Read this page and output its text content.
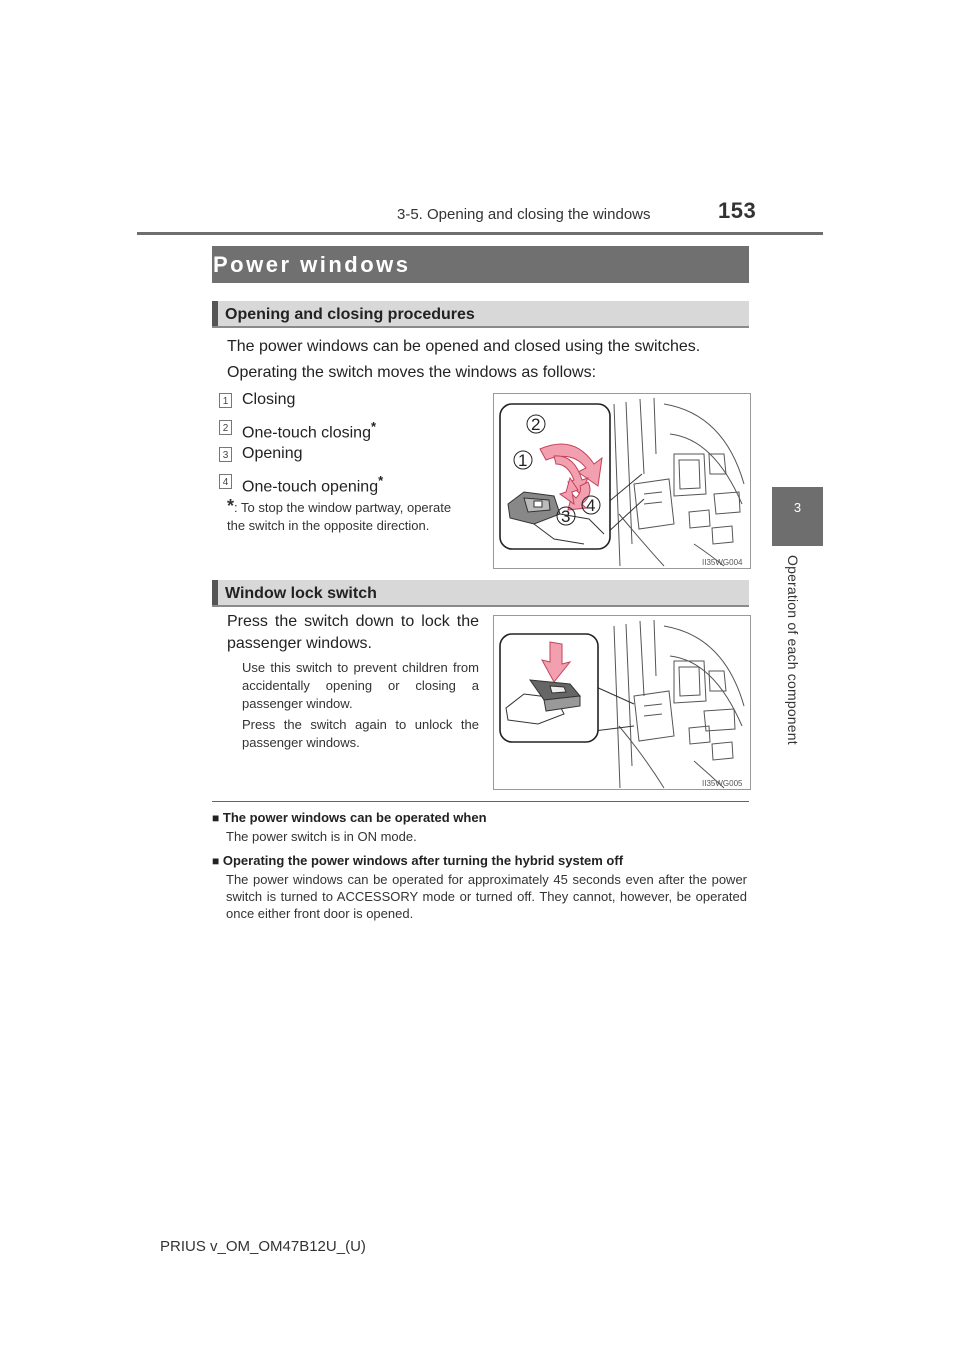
3-5. Opening and closing the windows	153
3
Operation of each component
Power windows
Opening and closing procedures
The power windows can be opened and closed using the switches.
Operating the switch moves the windows as follows:
1 Closing
2 One-touch closing*
3 Opening
4 One-touch opening*
*: To stop the window partway, operate the switch in the opposite direction.
2
1
3
4
II35WG004
Window lock switch
Press the switch down to lock the passenger windows.
Use this switch to prevent children from accidentally opening or closing a passenger window.
Press the switch again to unlock the passenger windows.
II35WG005
■ The power windows can be operated when
The power switch is in ON mode.
■ Operating the power windows after turning the hybrid system off
The power windows can be operated for approximately 45 seconds even after the power switch is turned to ACCESSORY mode or turned off. They cannot, however, be operated once either front door is opened.
PRIUS v_OM_OM47B12U_(U)
